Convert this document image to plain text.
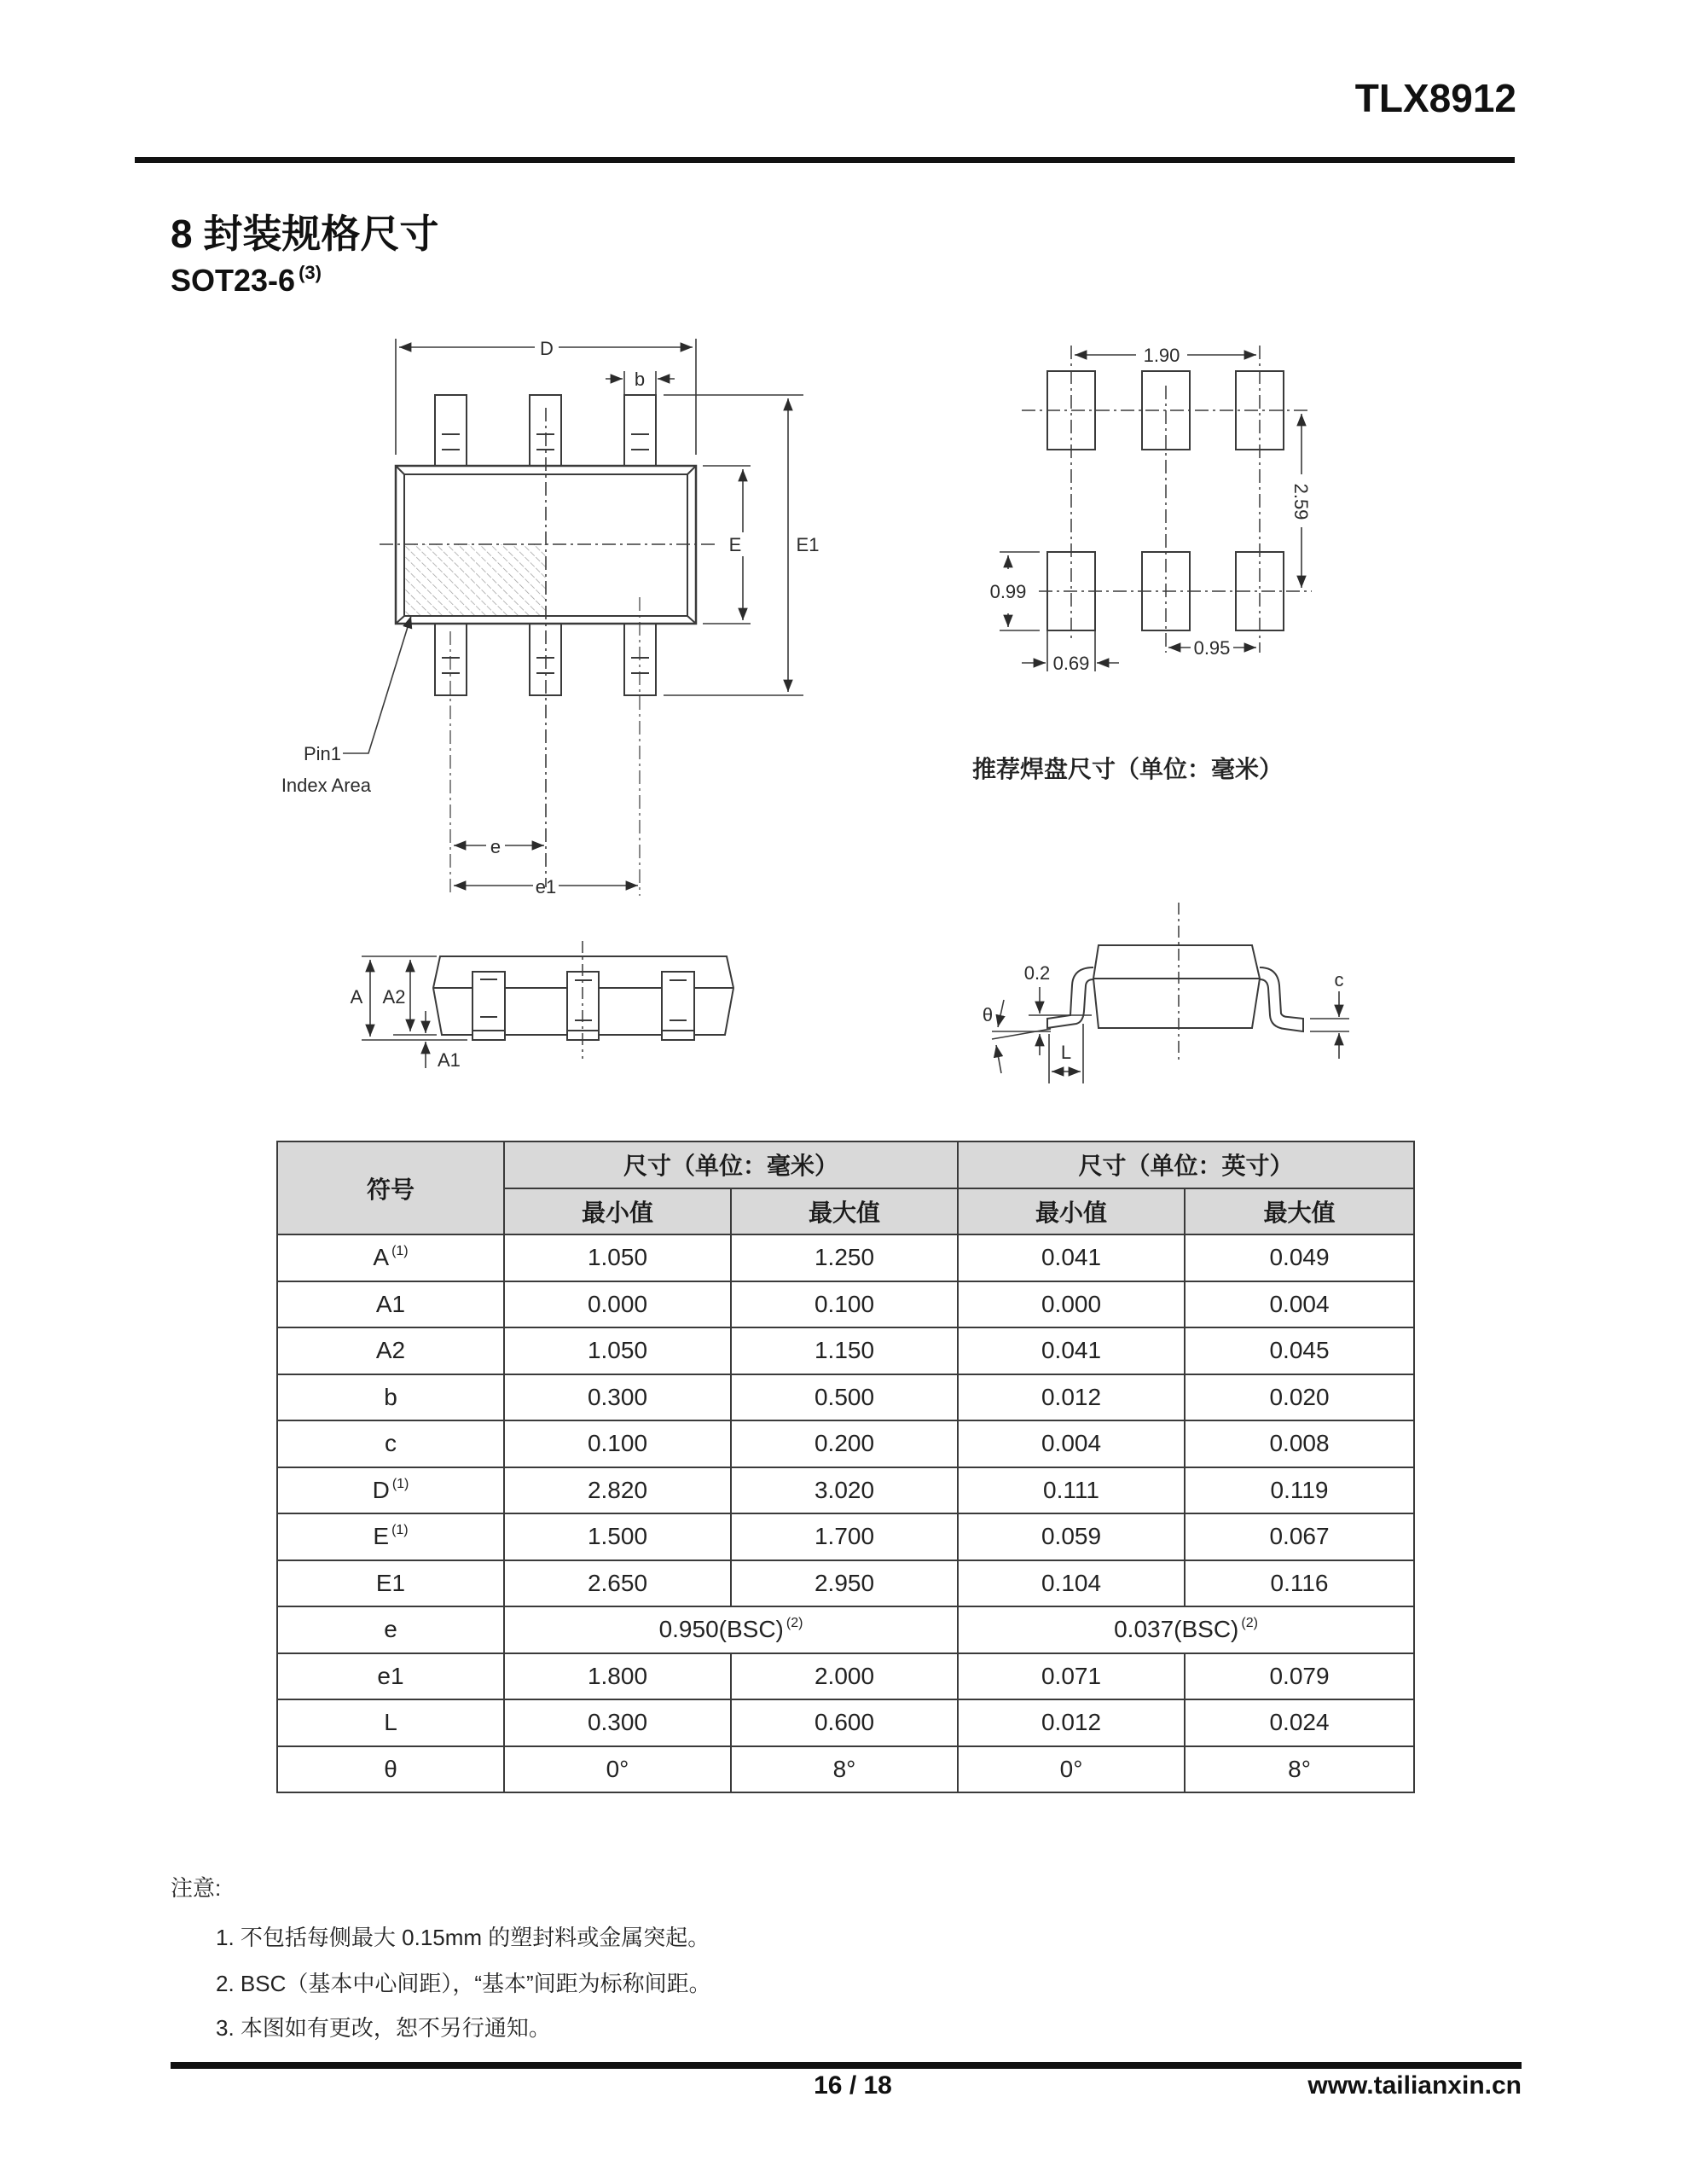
TLX8912
8 封装规格尺寸
SOT23-6 $^{(3)}$
D
b
E	E1
e
e1
Pin1
Index Area
1.90
2.59
0.99
0.69
0.95
A A2
A1
0.2
θ
L
c
推荐焊盘尺寸（单位：毫米）
符号	尺寸（单位：毫米）		尺寸（单位：英寸）	
	最小值	最大值	最小值	最大值
A $^{(1)}$	1.050	1.250	0.041	0.049
A1	0.000	0.100	0.000	0.004
A2	1.050	1.150	0.041	0.045
b	0.300	0.500	0.012	0.020
c	0.100	0.200	0.004	0.008
D $^{(1)}$	2.820	3.020	0.111	0.119
E $^{(1)}$	1.500	1.700	0.059	0.067
E1	2.650	2.950	0.104	0.116
e	0.950(BSC) $^{(2)}$		0.037(BSC) $^{(2)}$
e1	1.800	2.000	0.071	0.079
L	0.300	0.600	0.012	0.024
θ	0°	8°	0°	8°
注意:
1. 不包括每侧最大 0.15mm 的塑封料或金属突起。
2. BSC（基本中心间距），“基本”间距为标称间距。
3. 本图如有更改，恕不另行通知。
16 / 18	www.tailianxin.cn
